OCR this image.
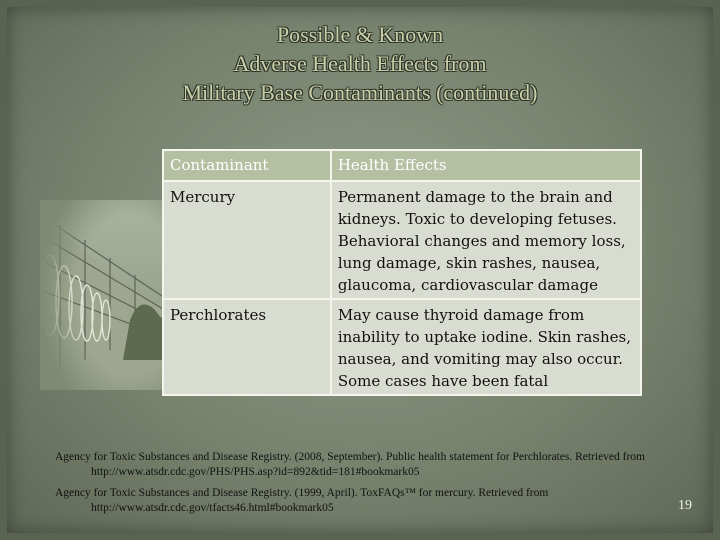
Possible & Known
Adverse Health Effects from
Military Base Contaminants (continued)
Contaminant	Health Effects
Mercury	Permanent damage to the brain and kidneys. Toxic to developing fetuses. Behavioral changes and memory loss, lung damage, skin rashes, nausea, glaucoma, cardiovascular damage
Perchlorates	May cause thyroid damage from inability to uptake iodine. Skin rashes, nausea, and vomiting may also occur. Some cases have been fatal
Agency for Toxic Substances and Disease Registry. (2008, September). Public health statement for Perchlorates. Retrieved from http://www.atsdr.cdc.gov/PHS/PHS.asp?id=892&tid=181#bookmark05
Agency for Toxic Substances and Disease Registry. (1999, April). ToxFAQs™ for mercury. Retrieved from http://www.atsdr.cdc.gov/tfacts46.html#bookmark05	19
